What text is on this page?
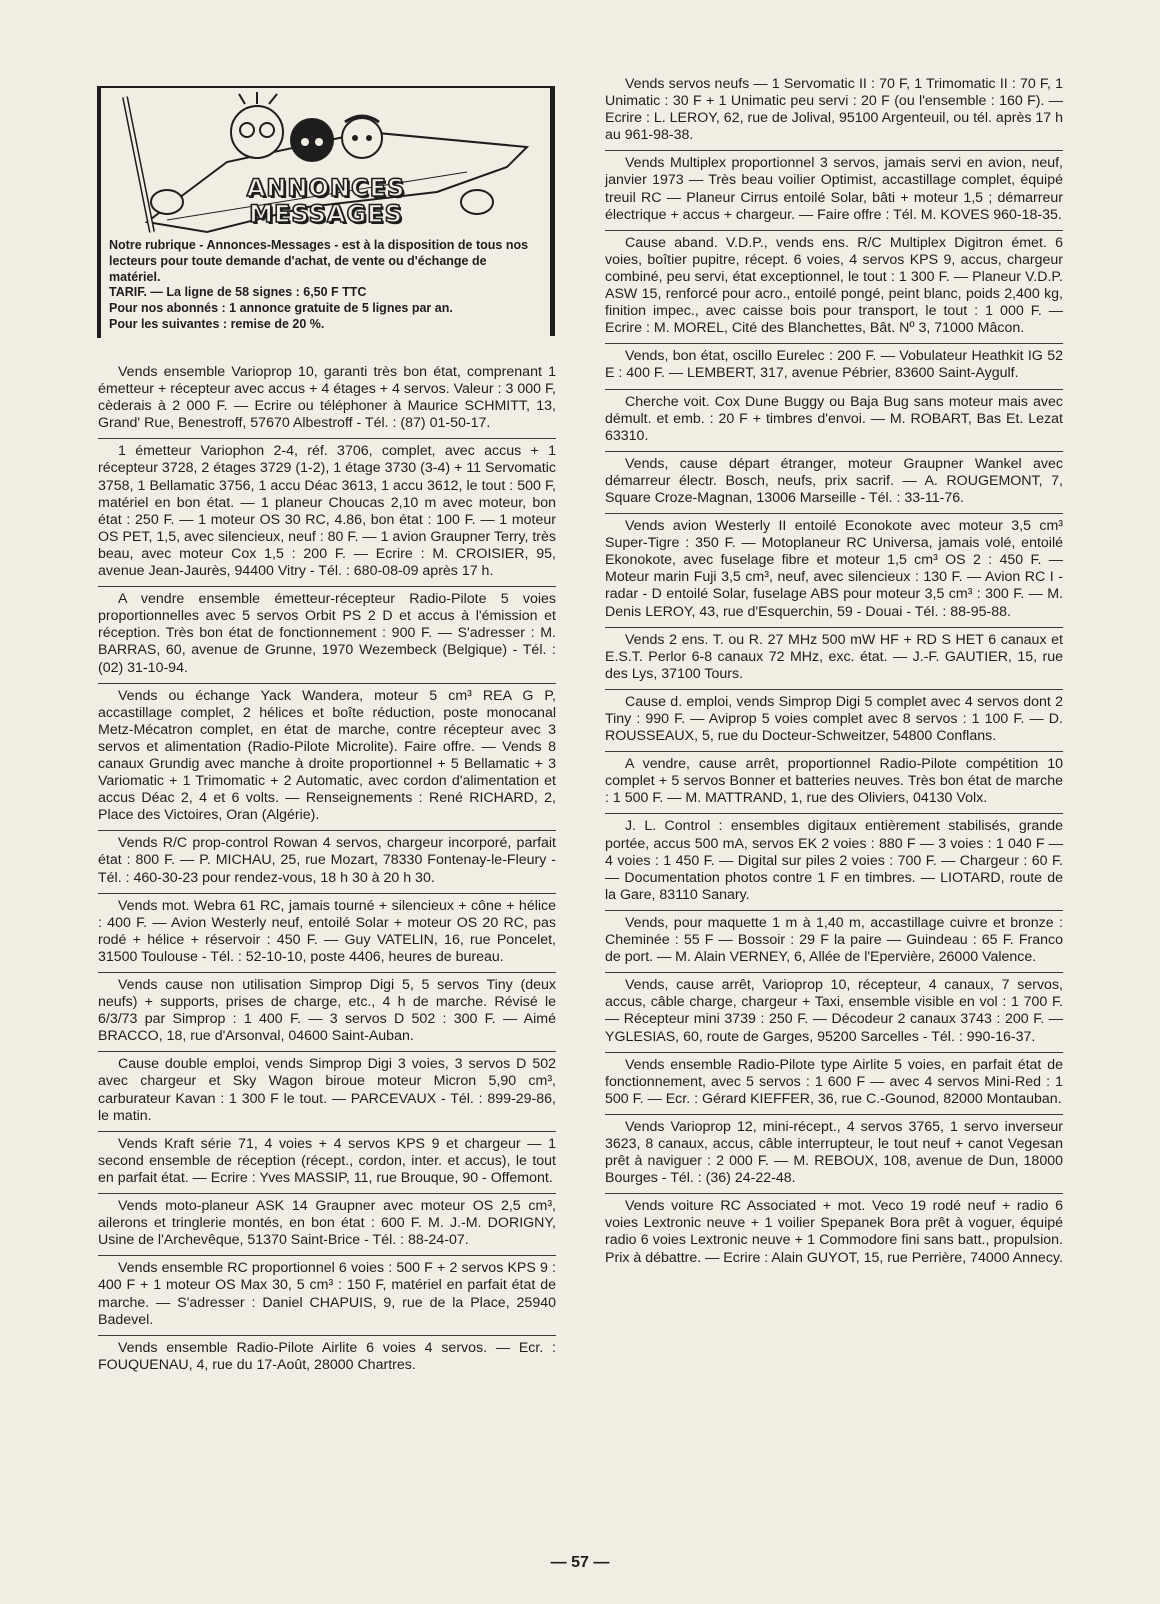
ANNONCES
MESSAGES

Notre rubrique - Annonces-Messages - est à la disposition de tous nos lecteurs pour toute demande d'achat, de vente ou d'échange de matériel.

TARIF. — La ligne de 58 signes : 6,50 F TTC

Pour nos abonnés : 1 annonce gratuite de 5 lignes par an.

Pour les suivantes : remise de 20 %.

Vends ensemble Varioprop 10, garanti très bon état, comprenant 1 émetteur + récepteur avec accus + 4 étages + 4 servos. Valeur : 3 000 F, cèderais à 2 000 F. — Ecrire ou téléphoner à Maurice SCHMITT, 13, Grand' Rue, Benestroff, 57670 Albestroff - Tél. : (87) 01-50-17.

1 émetteur Variophon 2-4, réf. 3706, complet, avec accus + 1 récepteur 3728, 2 étages 3729 (1-2), 1 étage 3730 (3-4) + 11 Servomatic 3758, 1 Bellamatic 3756, 1 accu Déac 3613, 1 accu 3612, le tout : 500 F, matériel en bon état. — 1 planeur Choucas 2,10 m avec moteur, bon état : 250 F. — 1 moteur OS 30 RC, 4.86, bon état : 100 F. — 1 moteur OS PET, 1,5, avec silencieux, neuf : 80 F. — 1 avion Graupner Terry, très beau, avec moteur Cox 1,5 : 200 F. — Ecrire : M. CROISIER, 95, avenue Jean-Jaurès, 94400 Vitry - Tél. : 680-08-09 après 17 h.

A vendre ensemble émetteur-récepteur Radio-Pilote 5 voies proportionnelles avec 5 servos Orbit PS 2 D et accus à l'émission et réception. Très bon état de fonctionnement : 900 F. — S'adresser : M. BARRAS, 60, avenue de Grunne, 1970 Wezembeck (Belgique) - Tél. : (02) 31-10-94.

Vends ou échange Yack Wandera, moteur 5 cm³ REA G P, accastillage complet, 2 hélices et boîte réduction, poste monocanal Metz-Mécatron complet, en état de marche, contre récepteur avec 3 servos et alimentation (Radio-Pilote Microlite). Faire offre. — Vends 8 canaux Grundig avec manche à droite proportionnel + 5 Bellamatic + 3 Variomatic + 1 Trimomatic + 2 Automatic, avec cordon d'alimentation et accus Déac 2, 4 et 6 volts. — Renseignements : René RICHARD, 2, Place des Victoires, Oran (Algérie).

Vends R/C prop-control Rowan 4 servos, chargeur incorporé, parfait état : 800 F. — P. MICHAU, 25, rue Mozart, 78330 Fontenay-le-Fleury - Tél. : 460-30-23 pour rendez-vous, 18 h 30 à 20 h 30.

Vends mot. Webra 61 RC, jamais tourné + silencieux + cône + hélice : 400 F. — Avion Westerly neuf, entoilé Solar + moteur OS 20 RC, pas rodé + hélice + réservoir : 450 F. — Guy VATELIN, 16, rue Poncelet, 31500 Toulouse - Tél. : 52-10-10, poste 4406, heures de bureau.

Vends cause non utilisation Simprop Digi 5, 5 servos Tiny (deux neufs) + supports, prises de charge, etc., 4 h de marche. Révisé le 6/3/73 par Simprop : 1 400 F. — 3 servos D 502 : 300 F. — Aimé BRACCO, 18, rue d'Arsonval, 04600 Saint-Auban.

Cause double emploi, vends Simprop Digi 3 voies, 3 servos D 502 avec chargeur et Sky Wagon biroue moteur Micron 5,90 cm³, carburateur Kavan : 1 300 F le tout. — PARCEVAUX - Tél. : 899-29-86, le matin.

Vends Kraft série 71, 4 voies + 4 servos KPS 9 et chargeur — 1 second ensemble de réception (récept., cordon, inter. et accus), le tout en parfait état. — Ecrire : Yves MASSIP, 11, rue Brouque, 90 - Offemont.

Vends moto-planeur ASK 14 Graupner avec moteur OS 2,5 cm³, ailerons et tringlerie montés, en bon état : 600 F. M. J.-M. DORIGNY, Usine de l'Archevêque, 51370 Saint-Brice - Tél. : 88-24-07.

Vends ensemble RC proportionnel 6 voies : 500 F + 2 servos KPS 9 : 400 F + 1 moteur OS Max 30, 5 cm³ : 150 F, matériel en parfait état de marche. — S'adresser : Daniel CHAPUIS, 9, rue de la Place, 25940 Badevel.

Vends ensemble Radio-Pilote Airlite 6 voies 4 servos. — Ecr. : FOUQUENAU, 4, rue du 17-Août, 28000 Chartres.

Vends servos neufs — 1 Servomatic II : 70 F, 1 Trimomatic II : 70 F, 1 Unimatic : 30 F + 1 Unimatic peu servi : 20 F (ou l'ensemble : 160 F). — Ecrire : L. LEROY, 62, rue de Jolival, 95100 Argenteuil, ou tél. après 17 h au 961-98-38.

Vends Multiplex proportionnel 3 servos, jamais servi en avion, neuf, janvier 1973 — Très beau voilier Optimist, accastillage complet, équipé treuil RC — Planeur Cirrus entoilé Solar, bâti + moteur 1,5 ; démarreur électrique + accus + chargeur. — Faire offre : Tél. M. KOVES 960-18-35.

Cause aband. V.D.P., vends ens. R/C Multiplex Digitron émet. 6 voies, boîtier pupitre, récept. 6 voies, 4 servos KPS 9, accus, chargeur combiné, peu servi, état exceptionnel, le tout : 1 300 F. — Planeur V.D.P. ASW 15, renforcé pour acro., entoilé pongé, peint blanc, poids 2,400 kg, finition impec., avec caisse bois pour transport, le tout : 1 000 F. — Ecrire : M. MOREL, Cité des Blanchettes, Bât. Nº 3, 71000 Mâcon.

Vends, bon état, oscillo Eurelec : 200 F. — Vobulateur Heathkit IG 52 E : 400 F. — LEMBERT, 317, avenue Pébrier, 83600 Saint-Aygulf.

Cherche voit. Cox Dune Buggy ou Baja Bug sans moteur mais avec démult. et emb. : 20 F + timbres d'envoi. — M. ROBART, Bas Et. Lezat 63310.

Vends, cause départ étranger, moteur Graupner Wankel avec démarreur électr. Bosch, neufs, prix sacrif. — A. ROUGEMONT, 7, Square Croze-Magnan, 13006 Marseille - Tél. : 33-11-76.

Vends avion Westerly II entoilé Econokote avec moteur 3,5 cm³ Super-Tigre : 350 F. — Motoplaneur RC Universa, jamais volé, entoilé Ekonokote, avec fuselage fibre et moteur 1,5 cm³ OS 2 : 450 F. — Moteur marin Fuji 3,5 cm³, neuf, avec silencieux : 130 F. — Avion RC I - radar - D entoilé Solar, fuselage ABS pour moteur 3,5 cm³ : 300 F. — M. Denis LEROY, 43, rue d'Esquerchin, 59 - Douai - Tél. : 88-95-88.

Vends 2 ens. T. ou R. 27 MHz 500 mW HF + RD S HET 6 canaux et E.S.T. Perlor 6-8 canaux 72 MHz, exc. état. — J.-F. GAUTIER, 15, rue des Lys, 37100 Tours.

Cause d. emploi, vends Simprop Digi 5 complet avec 4 servos dont 2 Tiny : 990 F. — Aviprop 5 voies complet avec 8 servos : 1 100 F. — D. ROUSSEAUX, 5, rue du Docteur-Schweitzer, 54800 Conflans.

A vendre, cause arrêt, proportionnel Radio-Pilote compétition 10 complet + 5 servos Bonner et batteries neuves. Très bon état de marche : 1 500 F. — M. MATTRAND, 1, rue des Oliviers, 04130 Volx.

J. L. Control : ensembles digitaux entièrement stabilisés, grande portée, accus 500 mA, servos EK 2 voies : 880 F — 3 voies : 1 040 F — 4 voies : 1 450 F. — Digital sur piles 2 voies : 700 F. — Chargeur : 60 F. — Documentation photos contre 1 F en timbres. — LIOTARD, route de la Gare, 83110 Sanary.

Vends, pour maquette 1 m à 1,40 m, accastillage cuivre et bronze : Cheminée : 55 F — Bossoir : 29 F la paire — Guindeau : 65 F. Franco de port. — M. Alain VERNEY, 6, Allée de l'Epervière, 26000 Valence.

Vends, cause arrêt, Varioprop 10, récepteur, 4 canaux, 7 servos, accus, câble charge, chargeur + Taxi, ensemble visible en vol : 1 700 F. — Récepteur mini 3739 : 250 F. — Décodeur 2 canaux 3743 : 200 F. — YGLESIAS, 60, route de Garges, 95200 Sarcelles - Tél. : 990-16-37.

Vends ensemble Radio-Pilote type Airlite 5 voies, en parfait état de fonctionnement, avec 5 servos : 1 600 F — avec 4 servos Mini-Red : 1 500 F. — Ecr. : Gérard KIEFFER, 36, rue C.-Gounod, 82000 Montauban.

Vends Varioprop 12, mini-récept., 4 servos 3765, 1 servo inverseur 3623, 8 canaux, accus, câble interrupteur, le tout neuf + canot Vegesan prêt à naviguer : 2 000 F. — M. REBOUX, 108, avenue de Dun, 18000 Bourges - Tél. : (36) 24-22-48.

Vends voiture RC Associated + mot. Veco 19 rodé neuf + radio 6 voies Lextronic neuve + 1 voilier Spepanek Bora prêt à voguer, équipé radio 6 voies Lextronic neuve + 1 Commodore fini sans batt., propulsion. Prix à débattre. — Ecrire : Alain GUYOT, 15, rue Perrière, 74000 Annecy.

— 57 —
